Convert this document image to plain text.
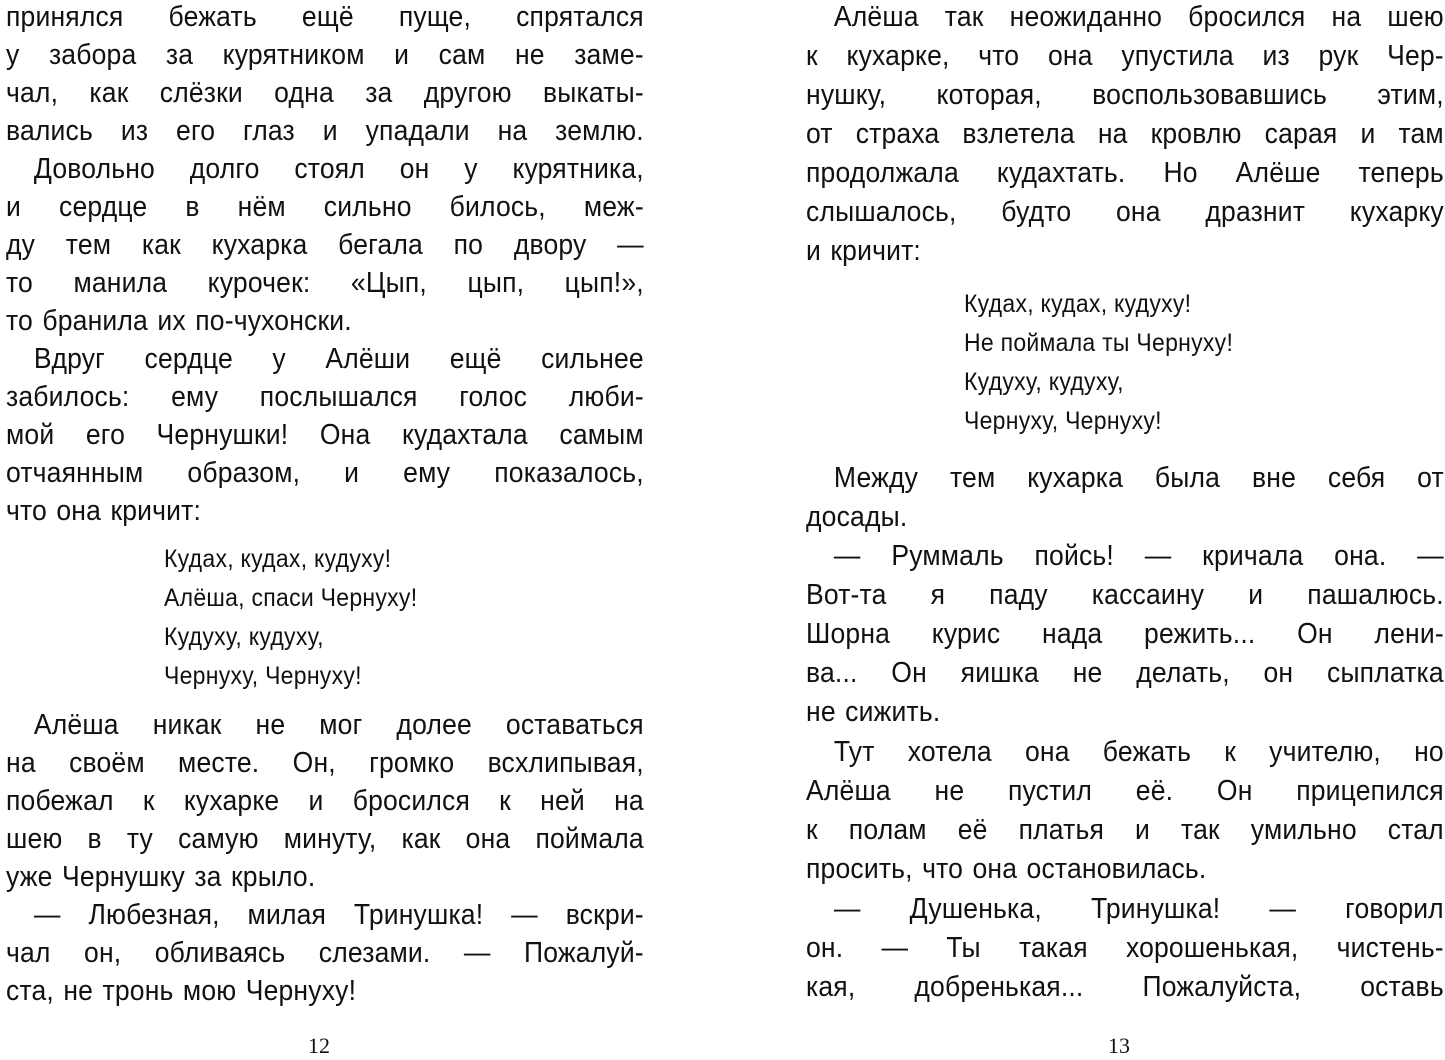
принялся бежать ещё пуще, спрятался
у забора за курятником и сам не заме-
чал, как слёзки одна за другою выкаты-
вались из его глаз и упадали на землю.
Довольно долго стоял он у курятника,
и сердце в нём сильно билось, меж-
ду тем как кухарка бегала по двору —
то манила курочек: «Цып, цып, цып!»,
то бранила их по-чухонски.
Вдруг сердце у Алёши ещё сильнее
забилось: ему послышался голос люби-
мой его Чернушки! Она кудахтала самым
отчаянным образом, и ему показалось,
что она кричит:
Кудах, кудах, кудуху!
Алёша, спаси Чернуху!
Кудуху, кудуху,
Чернуху, Чернуху!
Алёша никак не мог долее оставаться
на своём месте. Он, громко всхлипывая,
побежал к кухарке и бросился к ней на
шею в ту самую минуту, как она поймала
уже Чернушку за крыло.
— Любезная, милая Тринушка! — вскри-
чал он, обливаясь слезами. — Пожалуй-
ста, не тронь мою Чернуху!
12
Алёша так неожиданно бросился на шею
к кухарке, что она упустила из рук Чер-
нушку, которая, воспользовавшись этим,
от страха взлетела на кровлю сарая и там
продолжала кудахтать. Но Алёше теперь
слышалось, будто она дразнит кухарку
и кричит:
Кудах, кудах, кудуху!
Не поймала ты Чернуху!
Кудуху, кудуху,
Чернуху, Чернуху!
Между тем кухарка была вне себя от
досады.
— Руммаль пойсь! — кричала она. —
Вот-та я паду кассаину и пашалюсь.
Шорна курис нада режить... Он лени-
ва... Он яишка не делать, он сыплатка
не сижить.
Тут хотела она бежать к учителю, но
Алёша не пустил её. Он прицепился
к полам её платья и так умильно стал
просить, что она остановилась.
— Душенька, Тринушка! — говорил
он. — Ты такая хорошенькая, чистень-
кая, добренькая... Пожалуйста, оставь
13
